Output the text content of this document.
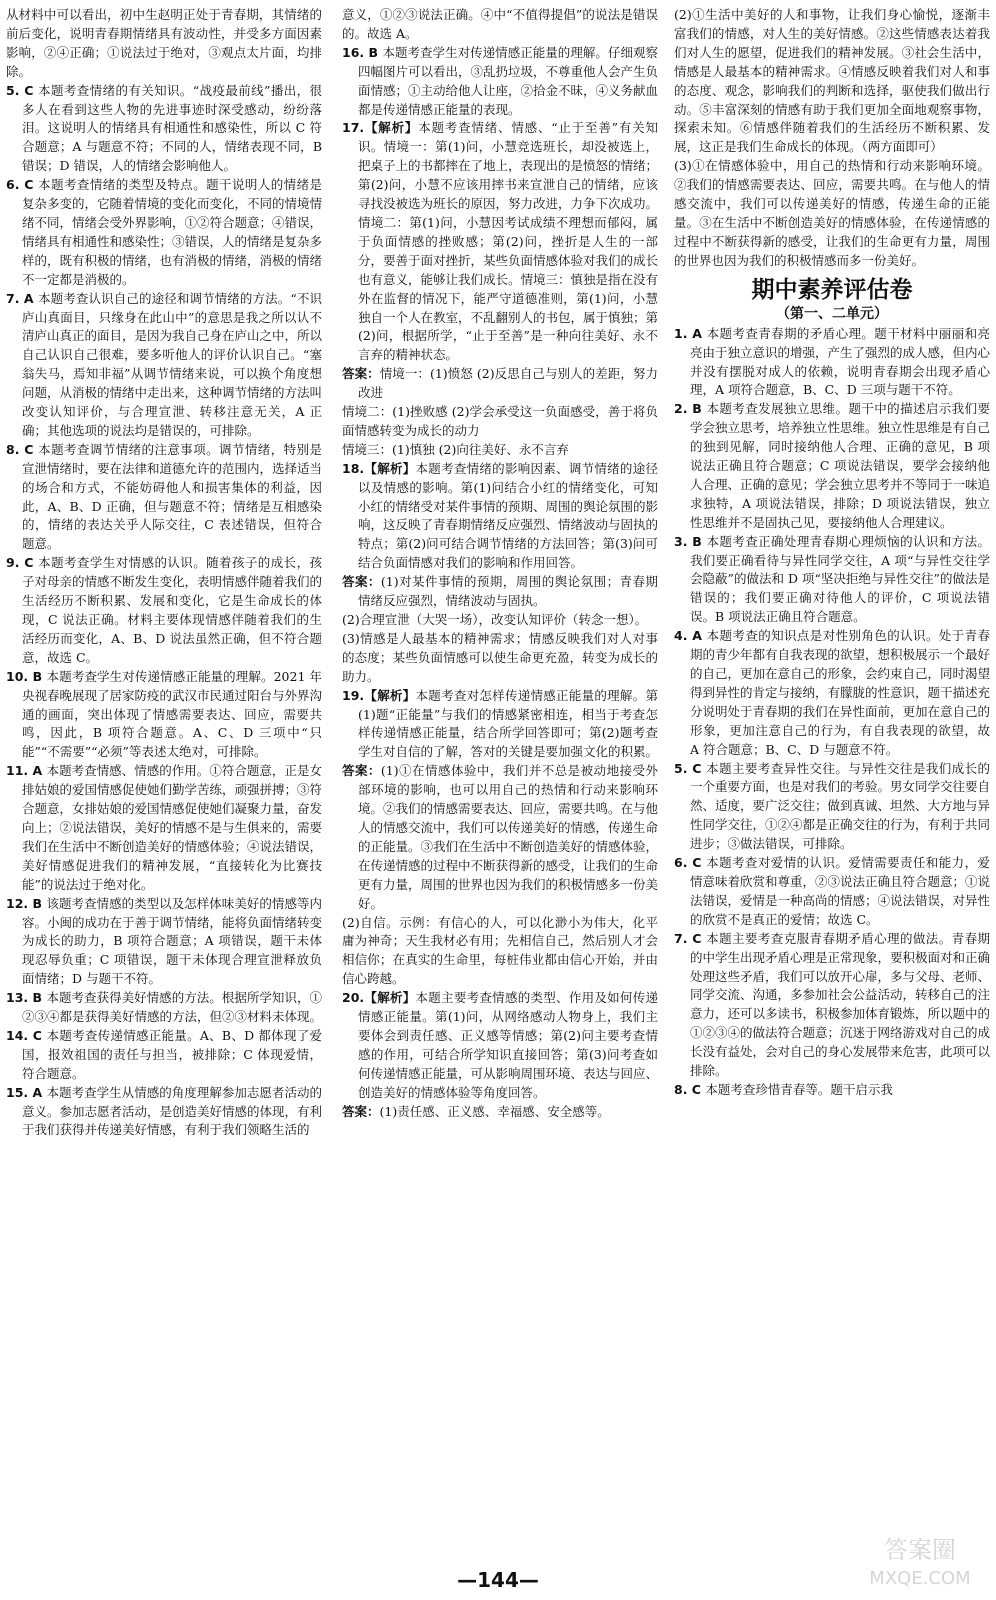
从材料中可以看出，初中生赵明正处于青春期，其情绪的前后变化，说明青春期情绪具有波动性，并受多方面因素影响，②④正确；①说法过于绝对，③观点太片面，均排除。

5. C 本题考查情绪的有关知识。“战疫最前线”播出，很多人在看到这些人物的先进事迹时深受感动，纷纷落泪。这说明人的情绪具有相通性和感染性，所以 C 符合题意；A 与题意不符；不同的人，情绪表现不同，B 错误；D 错误，人的情绪会影响他人。

6. C 本题考查情绪的类型及特点。题干说明人的情绪是复杂多变的，它随着情境的变化而变化，不同的情境情绪不同，情绪会受外界影响，①②符合题意；④错误，情绪具有相通性和感染性；③错误，人的情绪是复杂多样的，既有积极的情绪，也有消极的情绪，消极的情绪不一定都是消极的。

7. A 本题考查认识自己的途径和调节情绪的方法。“不识庐山真面目，只缘身在此山中”的意思是我之所以认不清庐山真正的面目，是因为我自己身在庐山之中，所以自己认识自己很难，要多听他人的评价认识自己。“塞翁失马，焉知非福”从调节情绪来说，可以换个角度想问题，从消极的情绪中走出来，这种调节情绪的方法叫改变认知评价，与合理宣泄、转移注意无关，A 正确；其他选项的说法均是错误的，可排除。

8. C 本题考查调节情绪的注意事项。调节情绪，特别是宣泄情绪时，要在法律和道德允许的范围内，选择适当的场合和方式，不能妨碍他人和损害集体的利益，因此，A、B、D 正确，但与题意不符；情绪是互相感染的，情绪的表达关乎人际交往，C 表述错误，但符合题意。

9. C 本题考查学生对情感的认识。随着孩子的成长，孩子对母亲的情感不断发生变化，表明情感伴随着我们的生活经历不断积累、发展和变化，它是生命成长的体现，C 说法正确。材料主要体现情感伴随着我们的生活经历而变化，A、B、D 说法虽然正确，但不符合题意，故选 C。

10. B 本题考查学生对传递情感正能量的理解。2021 年央视春晚展现了居家防疫的武汉市民通过阳台与外界沟通的画面，突出体现了情感需要表达、回应，需要共鸣，因此，B 项符合题意。A、C、D 三项中“只能”“不需要”“必须”等表述太绝对，可排除。

11. A 本题考查情感、情感的作用。①符合题意，正是女排姑娘的爱国情感促使她们勤学苦练，顽强拼搏；③符合题意，女排姑娘的爱国情感促使她们凝聚力量，奋发向上；②说法错误，美好的情感不是与生俱来的，需要我们在生活中不断创造美好的情感体验；④说法错误，美好情感促进我们的精神发展，“直接转化为比赛技能”的说法过于绝对化。

12. B 该题考查情感的类型以及怎样体味美好的情感等内容。小闽的成功在于善于调节情绪，能将负面情绪转变为成长的助力，B 项符合题意；A 项错误，题干未体现忍辱负重；C 项错误，题干未体现合理宣泄释放负面情绪；D 与题干不符。

13. B 本题考查获得美好情感的方法。根据所学知识，①②③④都是获得美好情感的方法，但②③材料未体现。

14. C 本题考查传递情感正能量。A、B、D 都体现了爱国，报效祖国的责任与担当，被排除；C 体现爱情，符合题意。

15. A 本题考查学生从情感的角度理解参加志愿者活动的意义。参加志愿者活动，是创造美好情感的体现，有利于我们获得并传递美好情感，有利于我们领略生活的

意义，①②③说法正确。④中“不值得提倡”的说法是错误的。故选 A。

16. B 本题考查学生对传递情感正能量的理解。仔细观察四幅图片可以看出，③乱扔垃圾，不尊重他人会产生负面情感；①主动给他人让座，②拾金不昧，④义务献血都是传递情感正能量的表现。

17.【解析】本题考查情绪、情感、“止于至善”有关知识。情境一：第(1)问，小慧竞选班长，却没被选上，把桌子上的书都摔在了地上，表现出的是愤怒的情绪；第(2)问，小慧不应该用摔书来宣泄自己的情绪，应该寻找没被选为班长的原因，努力改进，力争下次成功。情境二：第(1)问，小慧因考试成绩不理想而郁闷，属于负面情感的挫败感；第(2)问，挫折是人生的一部分，要善于面对挫折，某些负面情感体验对我们的成长也有意义，能够让我们成长。情境三：慎独是指在没有外在监督的情况下，能严守道德准则，第(1)问，小慧独自一个人在教室，不乱翻别人的书包，属于慎独；第(2)问，根据所学，“止于至善”是一种向往美好、永不言弃的精神状态。

答案：情境一：(1)愤怒 (2)反思自己与别人的差距，努力改进

情境二：(1)挫败感 (2)学会承受这一负面感受，善于将负面情感转变为成长的动力

情境三：(1)慎独 (2)向往美好、永不言弃

18.【解析】本题考查情绪的影响因素、调节情绪的途径以及情感的影响。第(1)问结合小红的情绪变化，可知小红的情绪受对某件事情的预期、周围的舆论氛围的影响，这反映了青春期情绪反应强烈、情绪波动与固执的特点；第(2)问可结合调节情绪的方法回答；第(3)问可结合负面情感对我们的影响和作用回答。

答案：(1)对某件事情的预期，周围的舆论氛围；青春期情绪反应强烈，情绪波动与固执。

(2)合理宣泄（大哭一场），改变认知评价（转念一想）。

(3)情感是人最基本的精神需求；情感反映我们对人对事的态度；某些负面情感可以使生命更充盈，转变为成长的助力。

19.【解析】本题考查对怎样传递情感正能量的理解。第(1)题“正能量”与我们的情感紧密相连，相当于考查怎样传递情感正能量，结合所学回答即可；第(2)题考查学生对自信的了解，答对的关键是要加强文化的积累。

答案：(1)①在情感体验中，我们并不总是被动地接受外部环境的影响，也可以用自己的热情和行动来影响环境。②我们的情感需要表达、回应，需要共鸣。在与他人的情感交流中，我们可以传递美好的情感，传递生命的正能量。③我们在生活中不断创造美好的情感体验，在传递情感的过程中不断获得新的感受，让我们的生命更有力量，周围的世界也因为我们的积极情感多一份美好。

(2)自信。示例：有信心的人，可以化渺小为伟大，化平庸为神奇；天生我材必有用；先相信自己，然后别人才会相信你；在真实的生命里，每桩伟业都由信心开始，并由信心跨越。

20.【解析】本题主要考查情感的类型、作用及如何传递情感正能量。第(1)问，从网络感动人物身上，我们主要体会到责任感、正义感等情感；第(2)问主要考查情感的作用，可结合所学知识直接回答；第(3)问考查如何传递情感正能量，可从影响周围环境、表达与回应、创造美好的情感体验等角度回答。

答案：(1)责任感、正义感、幸福感、安全感等。

(2)①生活中美好的人和事物，让我们身心愉悦，逐渐丰富我们的情感，对人生的美好情感。②这些情感表达着我们对人生的愿望，促进我们的精神发展。③社会生活中，情感是人最基本的精神需求。④情感反映着我们对人和事的态度、观念，影响我们的判断和选择，驱使我们做出行动。⑤丰富深刻的情感有助于我们更加全面地观察事物，探索未知。⑥情感伴随着我们的生活经历不断积累、发展，这正是我们生命成长的体现。（两方面即可）

(3)①在情感体验中，用自己的热情和行动来影响环境。②我们的情感需要表达、回应，需要共鸣。在与他人的情感交流中，我们可以传递美好的情感，传递生命的正能量。③在生活中不断创造美好的情感体验，在传递情感的过程中不断获得新的感受，让我们的生命更有力量，周围的世界也因为我们的积极情感而多一份美好。

期中素养评估卷
（第一、二单元）

1. A 本题考查青春期的矛盾心理。题干材料中丽丽和亮亮由于独立意识的增强，产生了强烈的成人感，但内心并没有摆脱对成人的依赖，说明青春期会出现矛盾心理，A 项符合题意，B、C、D 三项与题干不符。

2. B 本题考查发展独立思维。题干中的描述启示我们要学会独立思考，培养独立性思维。独立性思维是有自己的独到见解，同时接纳他人合理、正确的意见，B 项说法正确且符合题意；C 项说法错误，要学会接纳他人合理、正确的意见；学会独立思考并不等同于一味追求独特，A 项说法错误，排除；D 项说法错误，独立性思维并不是固执己见，要接纳他人合理建议。

3. B 本题考查正确处理青春期心理烦恼的认识和方法。我们要正确看待与异性同学交往，A 项“与异性交往学会隐蔽”的做法和 D 项“坚决拒绝与异性交往”的做法是错误的；我们要正确对待他人的评价，C 项说法错误。B 项说法正确且符合题意。

4. A 本题考查的知识点是对性别角色的认识。处于青春期的青少年都有自我表现的欲望，想积极展示一个最好的自己，更加在意自己的形象，会约束自己，同时渴望得到异性的肯定与接纳，有朦胧的性意识，题干描述充分说明处于青春期的我们在异性面前，更加在意自己的形象，更加注意自己的行为，有自我表现的欲望，故 A 符合题意；B、C、D 与题意不符。

5. C 本题主要考查异性交往。与异性交往是我们成长的一个重要方面，也是对我们的考验。男女同学交往要自然、适度，要广泛交往；做到真诚、坦然、大方地与异性同学交往，①②④都是正确交往的行为，有利于共同进步；③做法错误，可排除。

6. C 本题考查对爱情的认识。爱情需要责任和能力，爱情意味着欣赏和尊重，②③说法正确且符合题意；①说法错误，爱情是一种高尚的情感；④说法错误，对异性的欣赏不是真正的爱情；故选 C。

7. C 本题主要考查克服青春期矛盾心理的做法。青春期的中学生出现矛盾心理是正常现象，要积极面对和正确处理这些矛盾，我们可以放开心扉，多与父母、老师、同学交流、沟通，多参加社会公益活动，转移自己的注意力，还可以多读书，积极参加体育锻炼，所以题中的①②③④的做法符合题意；沉迷于网络游戏对自己的成长没有益处，会对自己的身心发展带来危害，此项可以排除。

8. C 本题考查珍惜青春等。题干启示我

—144—
答案圈
MXQE.COM
